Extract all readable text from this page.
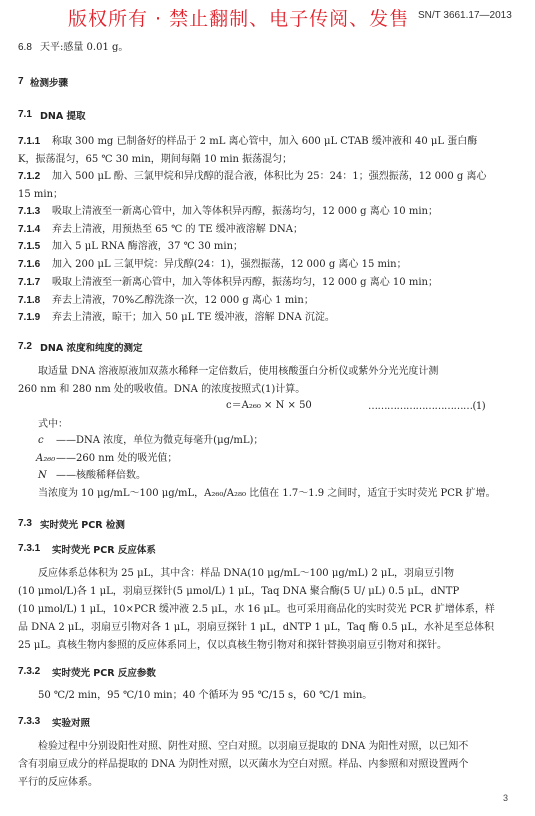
版权所有 · 禁止翻制、电子传阅、发售 SN/T 3661.17—2013
6.8 天平:感量 0.01 g。
7 检测步骤
7.1 DNA 提取
7.1.1 称取 300 mg 已制备好的样品于 2 mL 离心管中，加入 600 μL CTAB 缓冲液和 40 μL 蛋白酶
K，振荡混匀，65 ℃ 30 min，期间每隔 10 min 振荡混匀；
7.1.2 加入 500 μL 酚、三氯甲烷和异戊醇的混合液，体积比为 25：24：1；强烈振荡，12 000 g 离心
15 min；
7.1.3 吸取上清液至一新离心管中，加入等体积异丙醇，振荡均匀，12 000 g 离心 10 min；
7.1.4 弃去上清液，用预热至 65 ℃ 的 TE 缓冲液溶解 DNA；
7.1.5 加入 5 μL RNA 酶溶液，37 ℃ 30 min；
7.1.6 加入 200 μL 三氯甲烷：异戊醇(24：1)，强烈振荡，12 000 g 离心 15 min；
7.1.7 吸取上清液至一新离心管中，加入等体积异丙醇，振荡均匀，12 000 g 离心 10 min；
7.1.8 弃去上清液，70%乙醇洗涤一次，12 000 g 离心 1 min；
7.1.9 弃去上清液，晾干；加入 50 μL TE 缓冲液，溶解 DNA 沉淀。
7.2 DNA 浓度和纯度的测定
取适量 DNA 溶液原液加双蒸水稀释一定倍数后，使用核酸蛋白分析仪或紫外分光光度计测
260 nm 和 280 nm 处的吸收值。DNA 的浓度按照式(1)计算。
c＝A₂₆₀ × N × 50	……………………………(1)
式中：
c ——DNA 浓度，单位为微克每毫升(μg/mL)；
A₂₆₀ ——260 nm 处的吸光值；
N ——核酸稀释倍数。
当浓度为 10 μg/mL～100 μg/mL，A₂₆₀/A₂₈₀ 比值在 1.7～1.9 之间时，适宜于实时荧光 PCR 扩增。
7.3 实时荧光 PCR 检测
7.3.1 实时荧光 PCR 反应体系
反应体系总体积为 25 μL，其中含：样品 DNA(10 μg/mL～100 μg/mL) 2 μL，羽扇豆引物
(10 μmol/L)各 1 μL，羽扇豆探针(5 μmol/L) 1 μL，Taq DNA 聚合酶(5 U/ μL) 0.5 μL，dNTP
(10 μmol/L) 1 μL，10×PCR 缓冲液 2.5 μL，水 16 μL。也可采用商品化的实时荧光 PCR 扩增体系，样
品 DNA 2 μL，羽扇豆引物对各 1 μL，羽扇豆探针 1 μL，dNTP 1 μL，Taq 酶 0.5 μL，水补足至总体积
25 μL。真核生物内参照的反应体系同上，仅以真核生物引物对和探针替换羽扇豆引物对和探针。
7.3.2 实时荧光 PCR 反应参数
50 ℃/2 min，95 ℃/10 min；40 个循环为 95 ℃/15 s，60 ℃/1 min。
7.3.3 实验对照
检验过程中分别设阳性对照、阴性对照、空白对照。以羽扇豆提取的 DNA 为阳性对照，以已知不
含有羽扇豆成分的样品提取的 DNA 为阴性对照，以灭菌水为空白对照。样品、内参照和对照设置两个
平行的反应体系。
3
